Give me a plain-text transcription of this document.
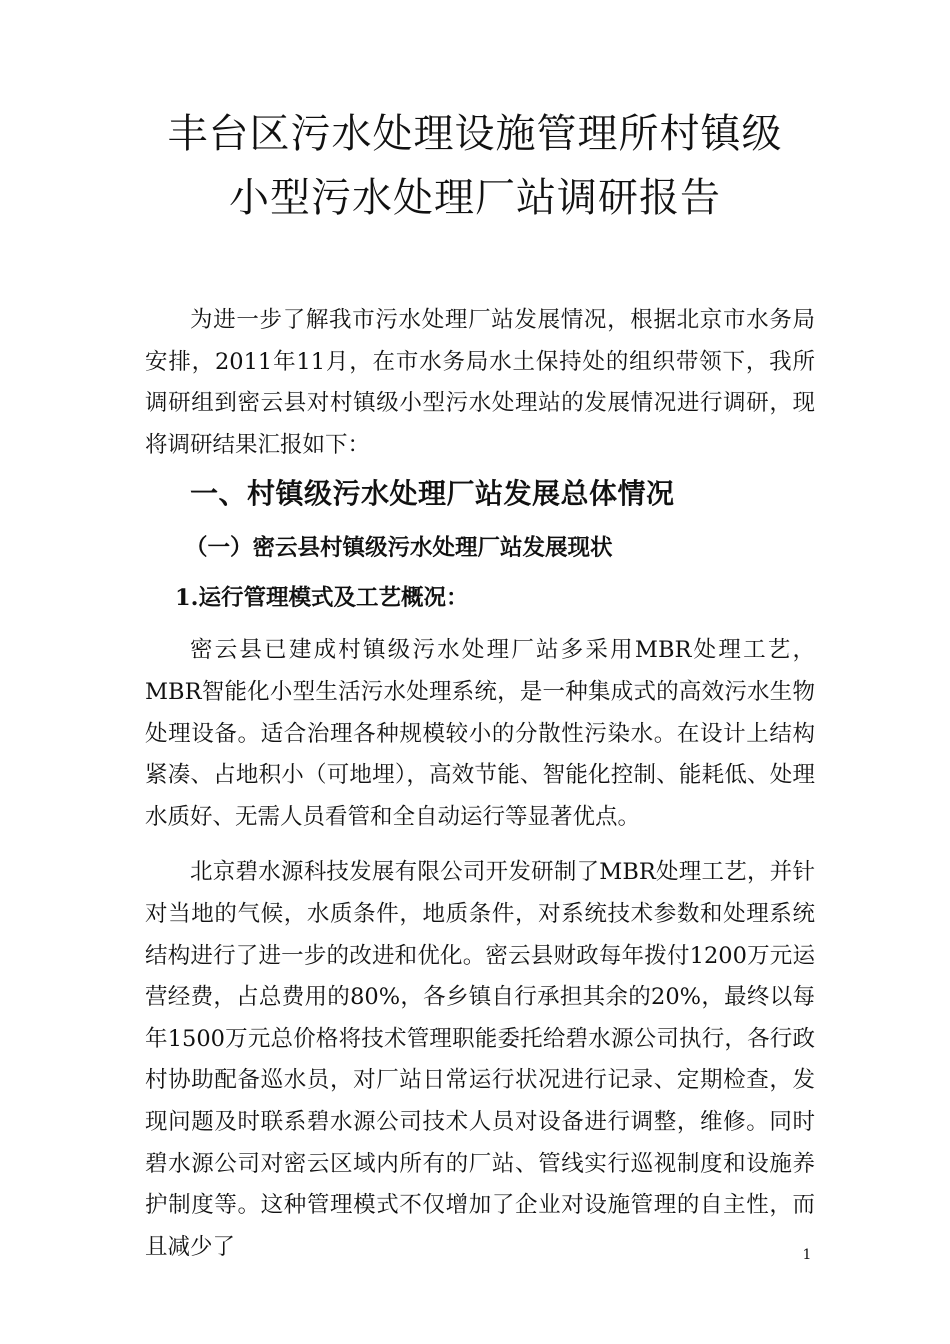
丰台区污水处理设施管理所村镇级
小型污水处理厂站调研报告

为进一步了解我市污水处理厂站发展情况，根据北京市水务局安排，2011年11月，在市水务局水土保持处的组织带领下，我所调研组到密云县对村镇级小型污水处理站的发展情况进行调研，现将调研结果汇报如下：

一、村镇级污水处理厂站发展总体情况
（一）密云县村镇级污水处理厂站发展现状
1.运行管理模式及工艺概况：

密云县已建成村镇级污水处理厂站多采用MBR处理工艺，MBR智能化小型生活污水处理系统，是一种集成式的高效污水生物处理设备。适合治理各种规模较小的分散性污染水。在设计上结构紧凑、占地积小（可地埋），高效节能、智能化控制、能耗低、处理水质好、无需人员看管和全自动运行等显著优点。

北京碧水源科技发展有限公司开发研制了MBR处理工艺，并针对当地的气候，水质条件，地质条件，对系统技术参数和处理系统结构进行了进一步的改进和优化。密云县财政每年拨付1200万元运营经费，占总费用的80%，各乡镇自行承担其余的20%，最终以每年1500万元总价格将技术管理职能委托给碧水源公司执行，各行政村协助配备巡水员，对厂站日常运行状况进行记录、定期检查，发现问题及时联系碧水源公司技术人员对设备进行调整，维修。同时碧水源公司对密云区域内所有的厂站、管线实行巡视制度和设施养护制度等。这种管理模式不仅增加了企业对设施管理的自主性，而且减少了	1
